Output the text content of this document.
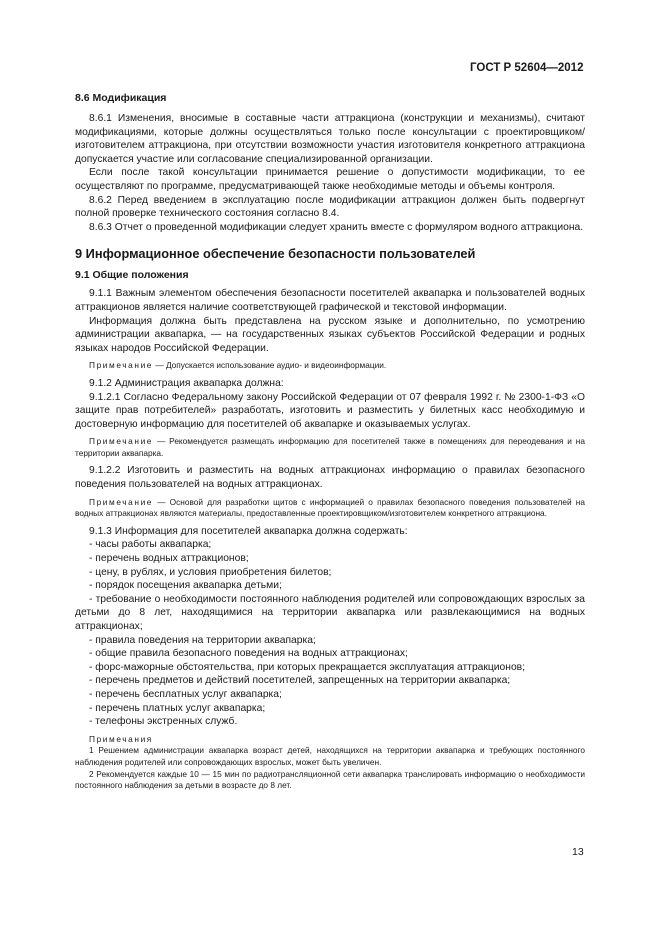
ГОСТ Р 52604—2012

8.6 Модификация

8.6.1 Изменения, вносимые в составные части аттракциона (конструкции и механизмы), считают модификациями, которые должны осуществляться только после консультации с проектировщиком/изготовителем аттракциона, при отсутствии возможности участия изготовителя конкретного аттракциона допускается участие или согласование специализированной организации.

Если после такой консультации принимается решение о допустимости модификации, то ее осуществляют по программе, предусматривающей также необходимые методы и объемы контроля.

8.6.2 Перед введением в эксплуатацию после модификации аттракцион должен быть подвергнут полной проверке технического состояния согласно 8.4.

8.6.3 Отчет о проведенной модификации следует хранить вместе с формуляром водного аттракциона.

9 Информационное обеспечение безопасности пользователей

9.1 Общие положения

9.1.1 Важным элементом обеспечения безопасности посетителей аквапарка и пользователей водных аттракционов является наличие соответствующей графической и текстовой информации.

Информация должна быть представлена на русском языке и дополнительно, по усмотрению администрации аквапарка, — на государственных языках субъектов Российской Федерации и родных языках народов Российской Федерации.

Примечание — Допускается использование аудио- и видеоинформации.

9.1.2 Администрация аквапарка должна:

9.1.2.1 Согласно Федеральному закону Российской Федерации от 07 февраля 1992 г. № 2300-1-ФЗ «О защите прав потребителей» разработать, изготовить и разместить у билетных касс необходимую и достоверную информацию для посетителей об аквапарке и оказываемых услугах.

Примечание — Рекомендуется размещать информацию для посетителей также в помещениях для переодевания и на территории аквапарка.

9.1.2.2 Изготовить и разместить на водных аттракционах информацию о правилах безопасного поведения пользователей на водных аттракционах.

Примечание — Основой для разработки щитов с информацией о правилах безопасного поведения пользователей на водных аттракционах являются материалы, предоставленные проектировщиком/изготовителем конкретного аттракциона.

9.1.3 Информация для посетителей аквапарка должна содержать:

- часы работы аквапарка;

- перечень водных аттракционов;

- цену, в рублях, и условия приобретения билетов;

- порядок посещения аквапарка детьми;

- требование о необходимости постоянного наблюдения родителей или сопровождающих взрослых за детьми до 8 лет, находящимися на территории аквапарка или развлекающимися на водных аттракционах;

- правила поведения на территории аквапарка;

- общие правила безопасного поведения на водных аттракционах;

- форс-мажорные обстоятельства, при которых прекращается эксплуатация аттракционов;

- перечень предметов и действий посетителей, запрещенных на территории аквапарка;

- перечень бесплатных услуг аквапарка;

- перечень платных услуг аквапарка;

- телефоны экстренных служб.

Примечания

1 Решением администрации аквапарка возраст детей, находящихся на территории аквапарка и требующих постоянного наблюдения родителей или сопровождающих взрослых, может быть увеличен.

2 Рекомендуется каждые 10 — 15 мин по радиотрансляционной сети аквапарка транслировать информацию о необходимости постоянного наблюдения за детьми в возрасте до 8 лет.

13
